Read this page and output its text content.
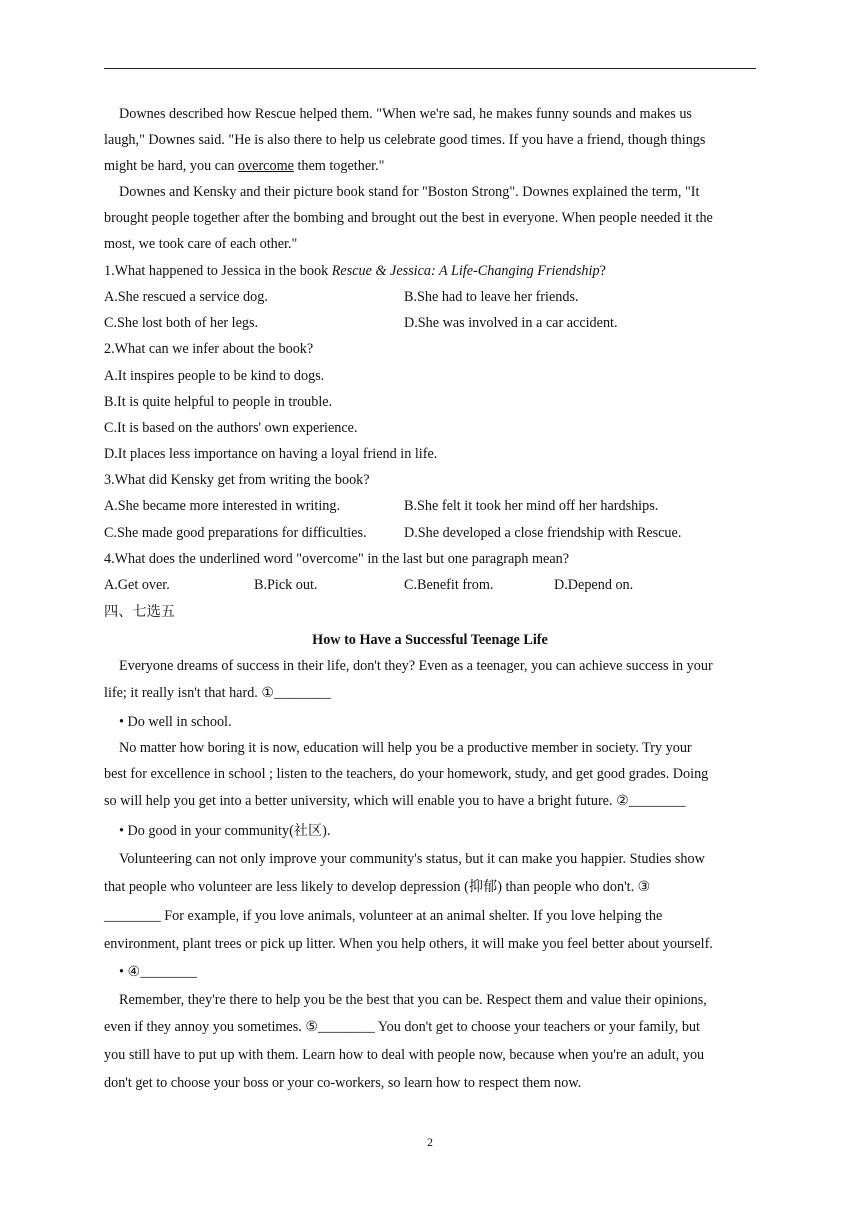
Downes described how Rescue helped them. "When we're sad, he makes funny sounds and makes us
laugh," Downes said. "He is also there to help us celebrate good times. If you have a friend, though things
might be hard, you can overcome them together."
Downes and Kensky and their picture book stand for "Boston Strong". Downes explained the term, "It
brought people together after the bombing and brought out the best in everyone. When people needed it the
most, we took care of each other."
1.What happened to Jessica in the book Rescue & Jessica: A Life-Changing Friendship?
A.She rescued a service dog.	B.She had to leave her friends.
C.She lost both of her legs.	D.She was involved in a car accident.
2.What can we infer about the book?
A.It inspires people to be kind to dogs.
B.It is quite helpful to people in trouble.
C.It is based on the authors' own experience.
D.It places less importance on having a loyal friend in life.
3.What did Kensky get from writing the book?
A.She became more interested in writing.	B.She felt it took her mind off her hardships.
C.She made good preparations for difficulties.	D.She developed a close friendship with Rescue.
4.What does the underlined word "overcome" in the last but one paragraph mean?
A.Get over.	B.Pick out.	C.Benefit from.	D.Depend on.
四、七选五
How to Have a Successful Teenage Life
Everyone dreams of success in their life, don't they? Even as a teenager, you can achieve success in your
life; it really isn't that hard. ①________
• Do well in school.
No matter how boring it is now, education will help you be a productive member in society. Try your
best for excellence in school ; listen to the teachers, do your homework, study, and get good grades. Doing
so will help you get into a better university, which will enable you to have a bright future. ②________
• Do good in your community(社区).
Volunteering can not only improve your community's status, but it can make you happier. Studies show
that people who volunteer are less likely to develop depression (抑郁) than people who don't. ③
________ For example, if you love animals, volunteer at an animal shelter. If you love helping the
environment, plant trees or pick up litter. When you help others, it will make you feel better about yourself.
• ④________
Remember, they're there to help you be the best that you can be. Respect them and value their opinions,
even if they annoy you sometimes. ⑤________ You don't get to choose your teachers or your family, but
you still have to put up with them. Learn how to deal with people now, because when you're an adult, you
don't get to choose your boss or your co-workers, so learn how to respect them now.
2
